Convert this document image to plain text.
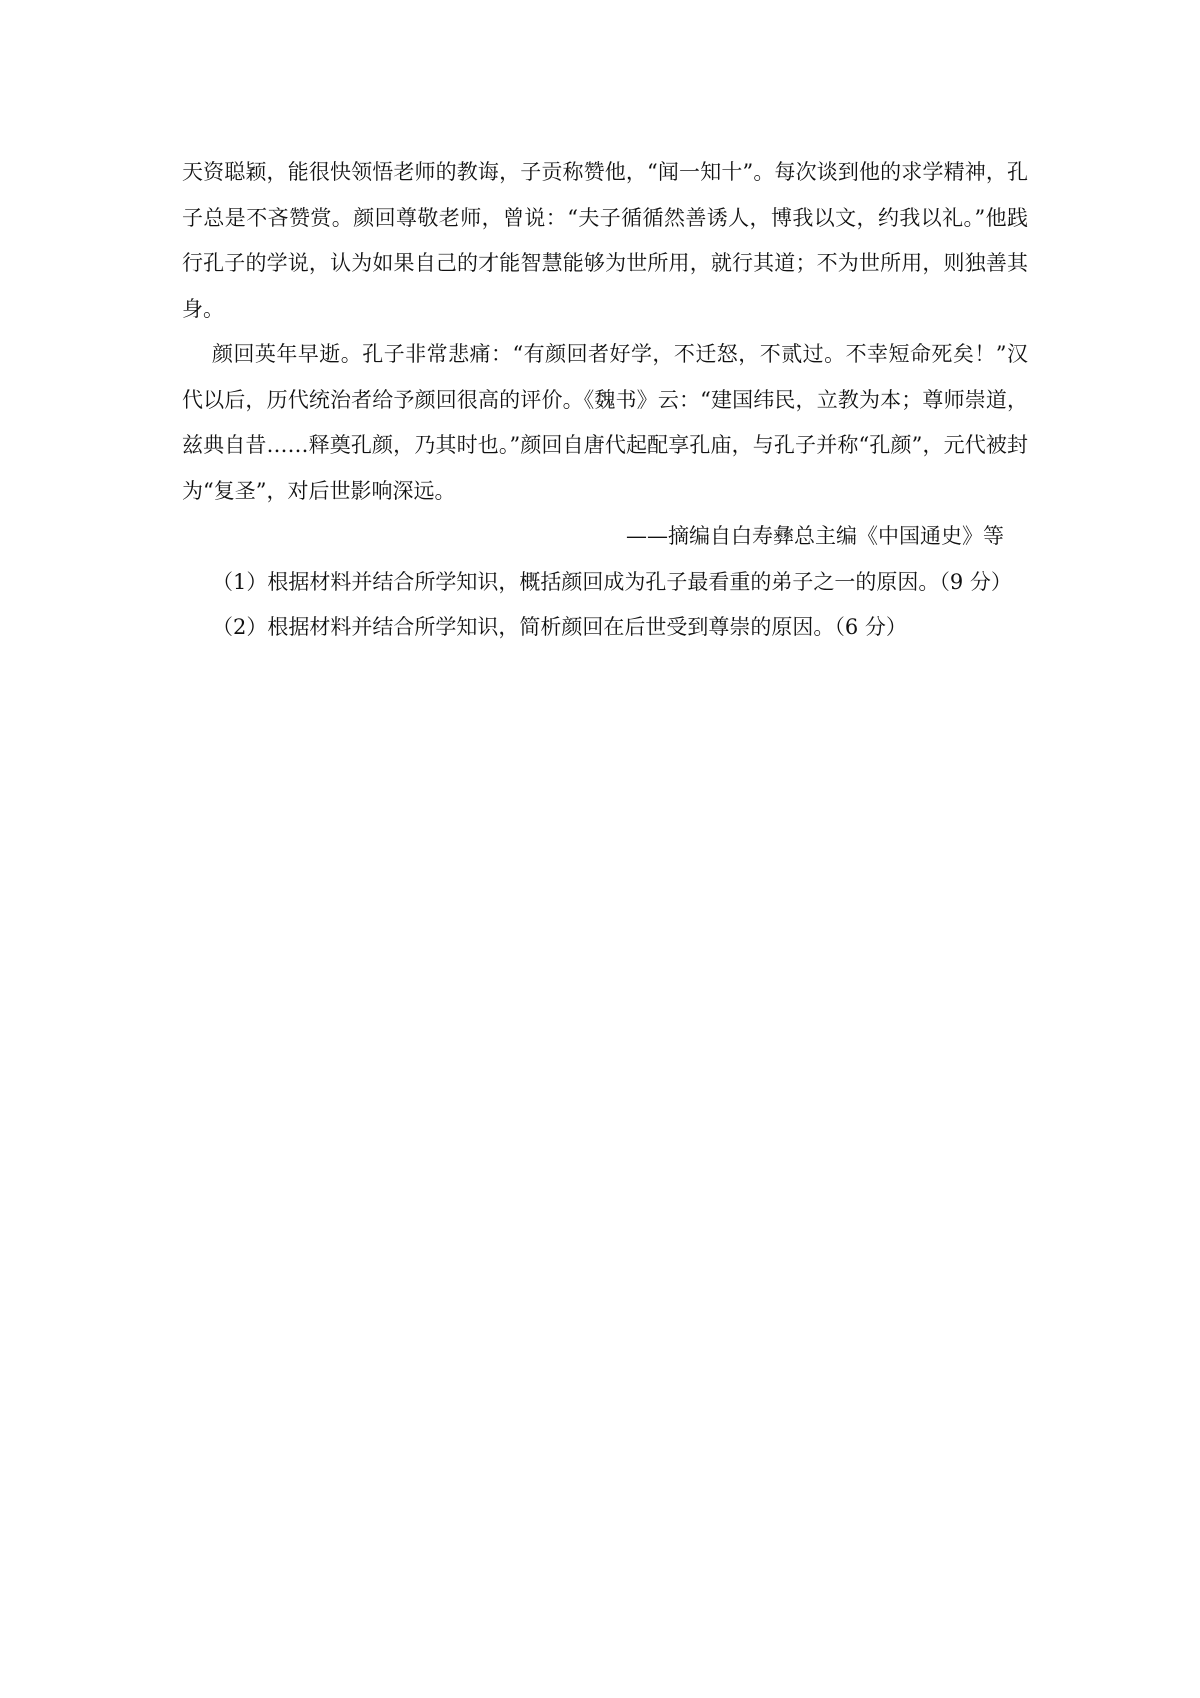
天资聪颖，能很快领悟老师的教诲，子贡称赞他，“闻一知十”。每次谈到他的求学精神，孔子总是不吝赞赏。颜回尊敬老师，曾说：“夫子循循然善诱人，博我以文，约我以礼。”他践行孔子的学说，认为如果自己的才能智慧能够为世所用，就行其道；不为世所用，则独善其身。

颜回英年早逝。孔子非常悲痛：“有颜回者好学，不迁怒，不贰过。不幸短命死矣！”汉代以后，历代统治者给予颜回很高的评价。《魏书》云：“建国纬民，立教为本；尊师崇道，兹典自昔……释奠孔颜，乃其时也。”颜回自唐代起配享孔庙，与孔子并称“孔颜”，元代被封为“复圣”，对后世影响深远。

——摘编自白寿彝总主编《中国通史》等

（1）根据材料并结合所学知识，概括颜回成为孔子最看重的弟子之一的原因。（9 分）

（2）根据材料并结合所学知识，简析颜回在后世受到尊崇的原因。（6 分）
